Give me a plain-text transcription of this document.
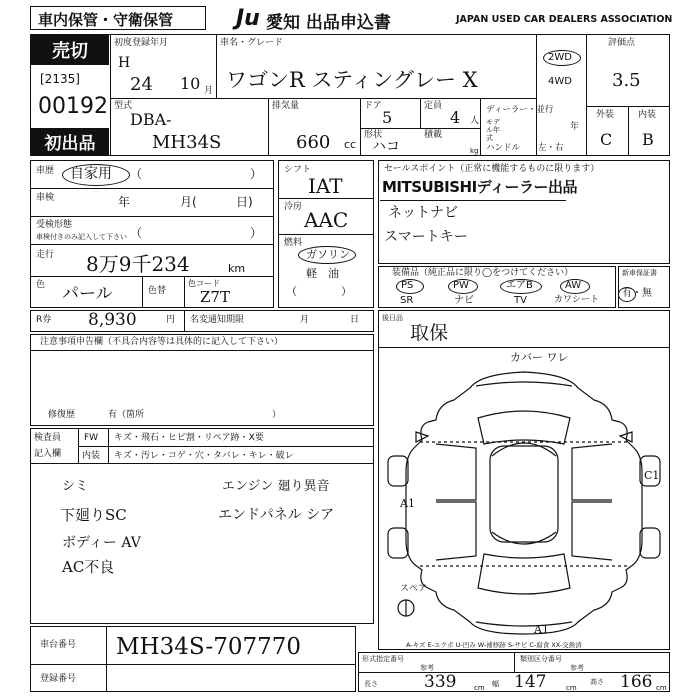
車内保管・守衛保管	Ju 愛知 出品申込書	JAPAN USED CAR DEALERS ASSOCIATION
売切
[2135]
00192
初出品
初度登録年月
H
24 10 月
車名・グレード
ワゴンR スティングレー X
2WD
4WD
評価点
3.5
外装	内装
C B
型式
DBA-
MH34S
排気量
660 cc
ドア
5
定員
4 人
形状
ハコ
積載
kg
ディーラー・並行
モデル年式
年
ハンドル 左・右
車歴 自家用 （　　　　　　　　　）
車検	年	月(	日)
受検形態
車検付きのみ記入して下さい （　　　　　　　　　）
走行 8万9千234	km
色 パール	色替
色コード
Z7T
シフト
IAT
冷房
AAC
燃料
ガソリン
軽　油
（　　　　）
セールスポイント（正常に機能するものに限ります）
MITSUBISHIディーラー出品
ネットナビ
スマートキー
装備品（純正品に限り◯をつけてください）
PS
SR
PW
ナビ
エアB
TV
AW
カワシート
新車保証書
有・無
R券 8,930	円 名変通知期限	月	日	後日品
取保
注意事項申告欄（不具合内容等は具体的に記入して下さい）
修復歴	有（箇所	）
検査員
記入欄
FW キズ・飛石・ヒビ割・リペア跡・X要
内装 キズ・汚レ・コゲ・穴・タバレ・キレ・破レ
シミ	エンジン 廻り異音
下廻りSC	エンドパネル シア
ボディー AV
AC不良
カバー ワレ
A1
C1
A1
スペア
A-キズ E-エクボ U-凹み W-補修跡 S-サビ C-腐食 XX-交換済
車台番号 MH34S-707770
登録番号
形式指定番号	類別区分番号
参考	参考
長さ	339	cm 幅 147	cm
高さ 166 cm
